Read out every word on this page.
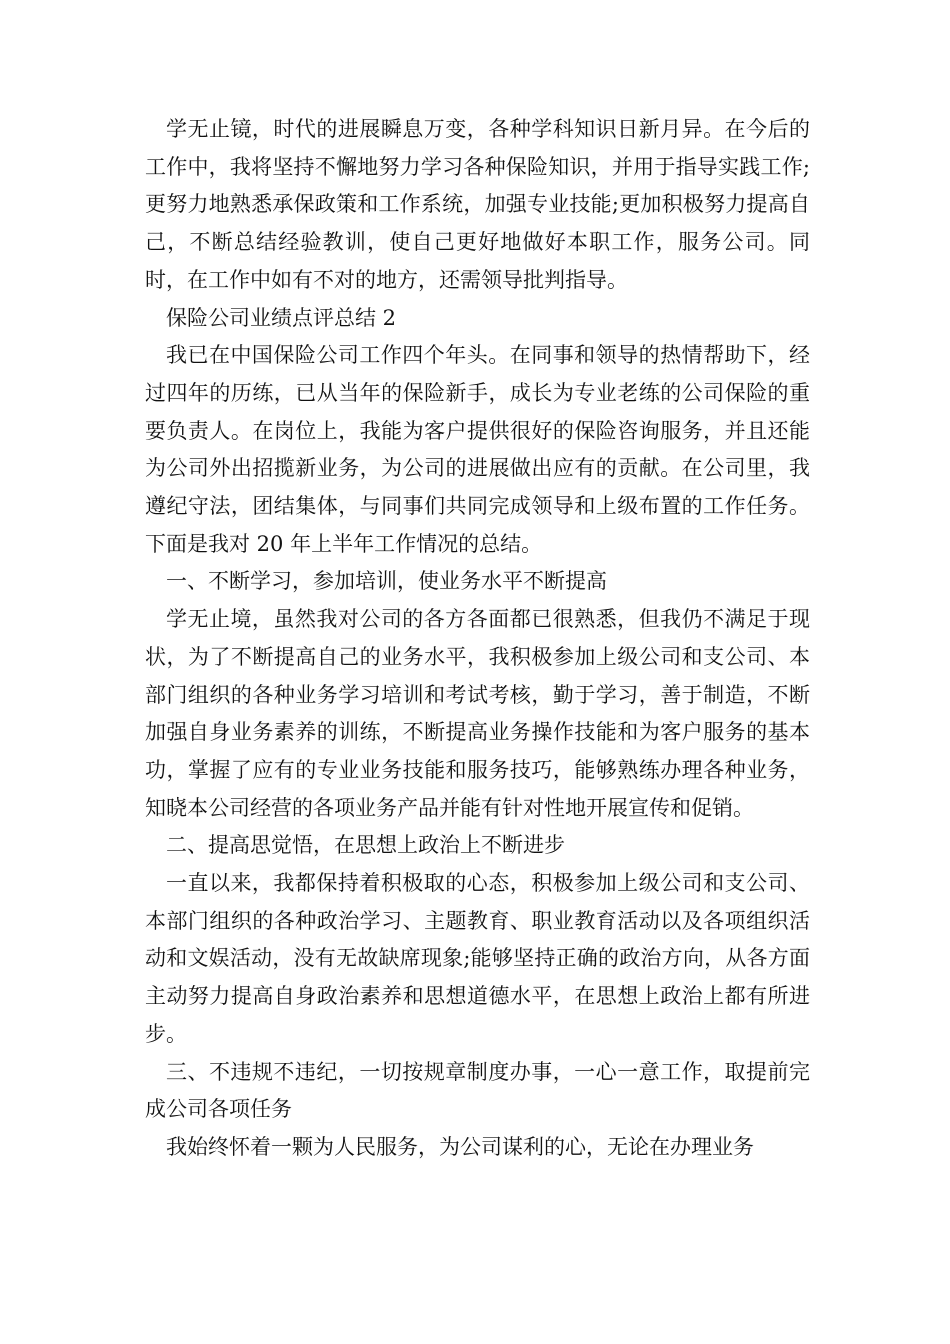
学无止镜，时代的进展瞬息万变，各种学科知识日新月异。在今后的工作中，我将坚持不懈地努力学习各种保险知识，并用于指导实践工作;更努力地熟悉承保政策和工作系统，加强专业技能;更加积极努力提高自己，不断总结经验教训，使自己更好地做好本职工作，服务公司。同时，在工作中如有不对的地方，还需领导批判指导。

保险公司业绩点评总结 2

我已在中国保险公司工作四个年头。在同事和领导的热情帮助下，经过四年的历练，已从当年的保险新手，成长为专业老练的公司保险的重要负责人。在岗位上，我能为客户提供很好的保险咨询服务，并且还能为公司外出招揽新业务，为公司的进展做出应有的贡献。在公司里，我遵纪守法，团结集体，与同事们共同完成领导和上级布置的工作任务。下面是我对 20 年上半年工作情况的总结。

一、不断学习，参加培训，使业务水平不断提高

学无止境，虽然我对公司的各方各面都已很熟悉，但我仍不满足于现状，为了不断提高自己的业务水平，我积极参加上级公司和支公司、本部门组织的各种业务学习培训和考试考核，勤于学习，善于制造，不断加强自身业务素养的训练，不断提高业务操作技能和为客户服务的基本功，掌握了应有的专业业务技能和服务技巧，能够熟练办理各种业务，知晓本公司经营的各项业务产品并能有针对性地开展宣传和促销。

二、提高思觉悟，在思想上政治上不断进步

一直以来，我都保持着积极取的心态，积极参加上级公司和支公司、本部门组织的各种政治学习、主题教育、职业教育活动以及各项组织活动和文娱活动，没有无故缺席现象;能够坚持正确的政治方向，从各方面主动努力提高自身政治素养和思想道德水平，在思想上政治上都有所进步。

三、不违规不违纪，一切按规章制度办事，一心一意工作，取提前完成公司各项任务

我始终怀着一颗为人民服务，为公司谋利的心，无论在办理业务
